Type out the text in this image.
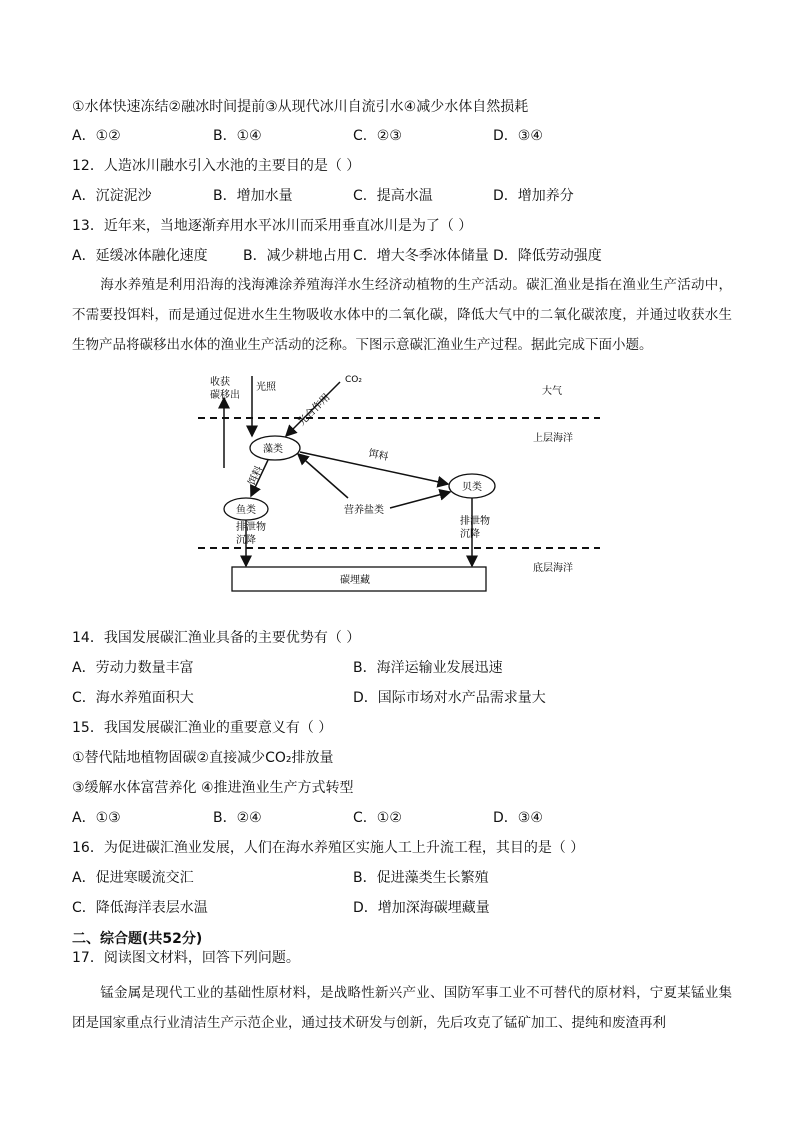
①水体快速冻结②融冰时间提前③从现代冰川自流引水④减少水体自然损耗
A．①②	B．①④	C．②③	D．③④
12．人造冰川融水引入水池的主要目的是（ ）
A．沉淀泥沙	B．增加水量	C．提高水温	D．增加养分
13．近年来，当地逐渐弃用水平冰川而采用垂直冰川是为了（ ）
A．延缓冰体融化速度	B．减少耕地占用 C．增大冬季冰体储量 D．降低劳动强度
海水养殖是利用沿海的浅海滩涂养殖海洋水生经济动植物的生产活动。碳汇渔业是指在渔业生产活动中，不需要投饵料，而是通过促进水生生物吸收水体中的二氧化碳，降低大气中的二氧化碳浓度，并通过收获水生生物产品将碳移出水体的渔业生产活动的泛称。下图示意碳汇渔业生产过程。据此完成下面小题。
大气
上层海洋
底层海洋
收获
碳移出
光照
光合作用
CO₂
藻类
贝类
鱼类
饵料
饵料
营养盐类
排泄物
沉降
排泄物
沉降
碳埋藏
14．我国发展碳汇渔业具备的主要优势有（ ）
A．劳动力数量丰富	B．海洋运输业发展迅速
C．海水养殖面积大	D．国际市场对水产品需求量大
15．我国发展碳汇渔业的重要意义有（ ）
①替代陆地植物固碳②直接减少CO₂排放量
③缓解水体富营养化 ④推进渔业生产方式转型
A．①③	B．②④	C．①②	D．③④
16．为促进碳汇渔业发展，人们在海水养殖区实施人工上升流工程，其目的是（ ）
A．促进寒暖流交汇	B．促进藻类生长繁殖
C．降低海洋表层水温	D．增加深海碳埋藏量
二、综合题(共52分)
17．阅读图文材料，回答下列问题。
锰金属是现代工业的基础性原材料，是战略性新兴产业、国防军事工业不可替代的原材料，宁夏某锰业集团是国家重点行业清洁生产示范企业，通过技术研发与创新，先后攻克了锰矿加工、提纯和废渣再利
